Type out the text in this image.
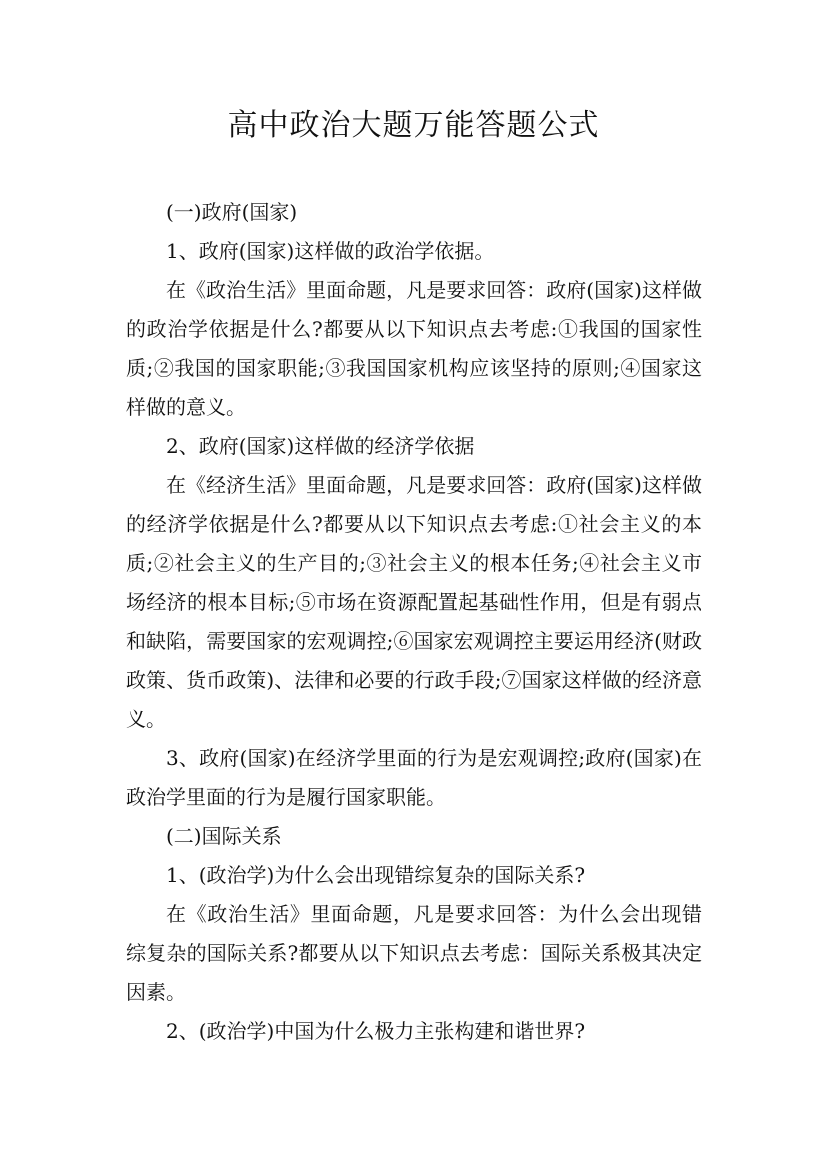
高中政治大题万能答题公式

(一)政府(国家)

1、政府(国家)这样做的政治学依据。

在《政治生活》里面命题，凡是要求回答：政府(国家)这样做的政治学依据是什么?都要从以下知识点去考虑:①我国的国家性质;②我国的国家职能;③我国国家机构应该坚持的原则;④国家这样做的意义。

2、政府(国家)这样做的经济学依据

在《经济生活》里面命题，凡是要求回答：政府(国家)这样做的经济学依据是什么?都要从以下知识点去考虑:①社会主义的本质;②社会主义的生产目的;③社会主义的根本任务;④社会主义市场经济的根本目标;⑤市场在资源配置起基础性作用，但是有弱点和缺陷，需要国家的宏观调控;⑥国家宏观调控主要运用经济(财政政策、货币政策)、法律和必要的行政手段;⑦国家这样做的经济意义。

3、政府(国家)在经济学里面的行为是宏观调控;政府(国家)在政治学里面的行为是履行国家职能。

(二)国际关系

1、(政治学)为什么会出现错综复杂的国际关系?

在《政治生活》里面命题，凡是要求回答：为什么会出现错综复杂的国际关系?都要从以下知识点去考虑：国际关系极其决定因素。

2、(政治学)中国为什么极力主张构建和谐世界?
